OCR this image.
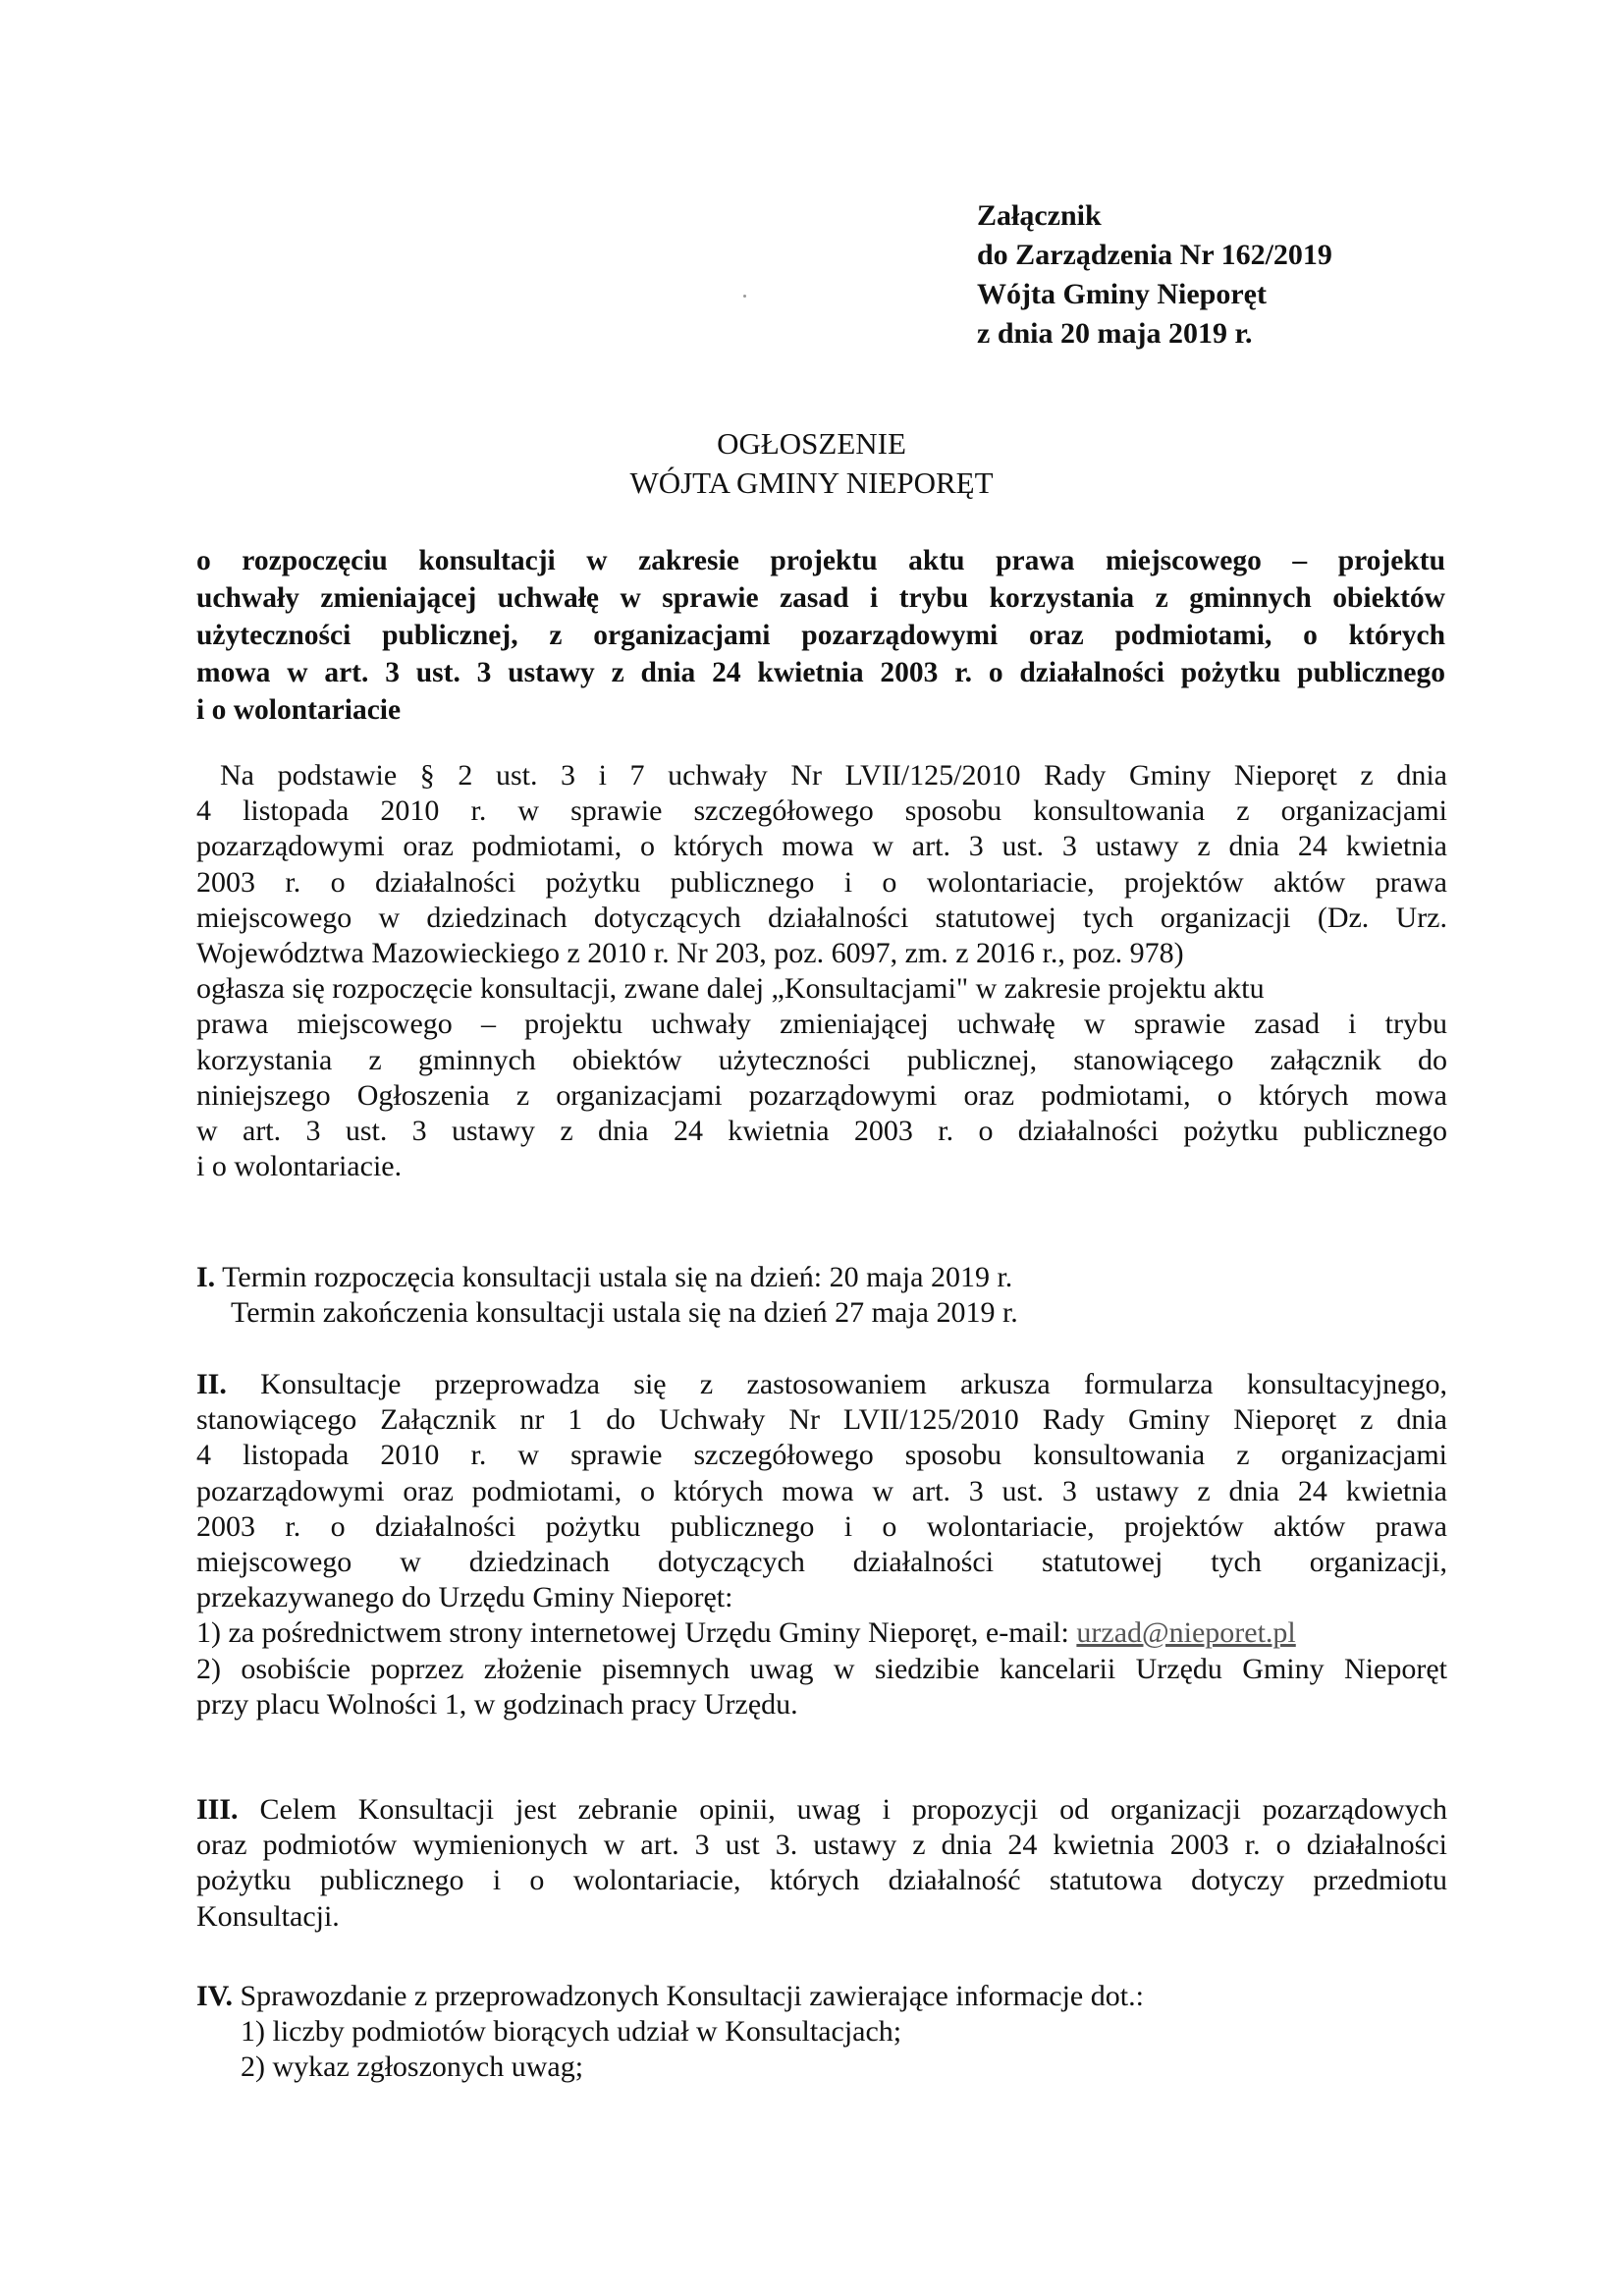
Załącznik
do Zarządzenia Nr 162/2019
Wójta Gminy Nieporęt
z dnia 20 maja 2019 r.
OGŁOSZENIE
WÓJTA GMINY NIEPORĘT
o rozpoczęciu konsultacji w zakresie projektu aktu prawa miejscowego – projektu
uchwały zmieniającej uchwałę w sprawie zasad i trybu korzystania z gminnych obiektów
użyteczności publicznej, z organizacjami pozarządowymi oraz podmiotami, o których
mowa w art. 3 ust. 3 ustawy z dnia 24 kwietnia 2003 r. o działalności pożytku publicznego
i o wolontariacie
Na podstawie § 2 ust. 3 i 7 uchwały Nr LVII/125/2010 Rady Gminy Nieporęt z dnia
4 listopada 2010 r. w sprawie szczegółowego sposobu konsultowania z organizacjami
pozarządowymi oraz podmiotami, o których mowa w art. 3 ust. 3 ustawy z dnia 24 kwietnia
2003 r. o działalności pożytku publicznego i o wolontariacie, projektów aktów prawa
miejscowego w dziedzinach dotyczących działalności statutowej tych organizacji (Dz. Urz.
Województwa Mazowieckiego z 2010 r. Nr 203, poz. 6097, zm. z 2016 r., poz. 978)
ogłasza się rozpoczęcie konsultacji, zwane dalej „Konsultacjami" w zakresie projektu aktu
prawa miejscowego – projektu uchwały zmieniającej uchwałę w sprawie zasad i trybu
korzystania z gminnych obiektów użyteczności publicznej, stanowiącego załącznik do
niniejszego Ogłoszenia z organizacjami pozarządowymi oraz podmiotami, o których mowa
w art. 3 ust. 3 ustawy z dnia 24 kwietnia 2003 r. o działalności pożytku publicznego
i o wolontariacie.
I. Termin rozpoczęcia konsultacji ustala się na dzień: 20 maja 2019 r.
Termin zakończenia konsultacji ustala się na dzień 27 maja 2019 r.
II. Konsultacje przeprowadza się z zastosowaniem arkusza formularza konsultacyjnego,
stanowiącego Załącznik nr 1 do Uchwały Nr LVII/125/2010 Rady Gminy Nieporęt z dnia
4 listopada 2010 r. w sprawie szczegółowego sposobu konsultowania z organizacjami
pozarządowymi oraz podmiotami, o których mowa w art. 3 ust. 3 ustawy z dnia 24 kwietnia
2003 r. o działalności pożytku publicznego i o wolontariacie, projektów aktów prawa
miejscowego w dziedzinach dotyczących działalności statutowej tych organizacji,
przekazywanego do Urzędu Gminy Nieporęt:
1) za pośrednictwem strony internetowej Urzędu Gminy Nieporęt, e-mail: urzad@nieporet.pl
2) osobiście poprzez złożenie pisemnych uwag w siedzibie kancelarii Urzędu Gminy Nieporęt
przy placu Wolności 1, w godzinach pracy Urzędu.
III. Celem Konsultacji jest zebranie opinii, uwag i propozycji od organizacji pozarządowych
oraz podmiotów wymienionych w art. 3 ust 3. ustawy z dnia 24 kwietnia 2003 r. o działalności
pożytku publicznego i o wolontariacie, których działalność statutowa dotyczy przedmiotu
Konsultacji.
IV. Sprawozdanie z przeprowadzonych Konsultacji zawierające informacje dot.:
1) liczby podmiotów biorących udział w Konsultacjach;
2) wykaz zgłoszonych uwag;
